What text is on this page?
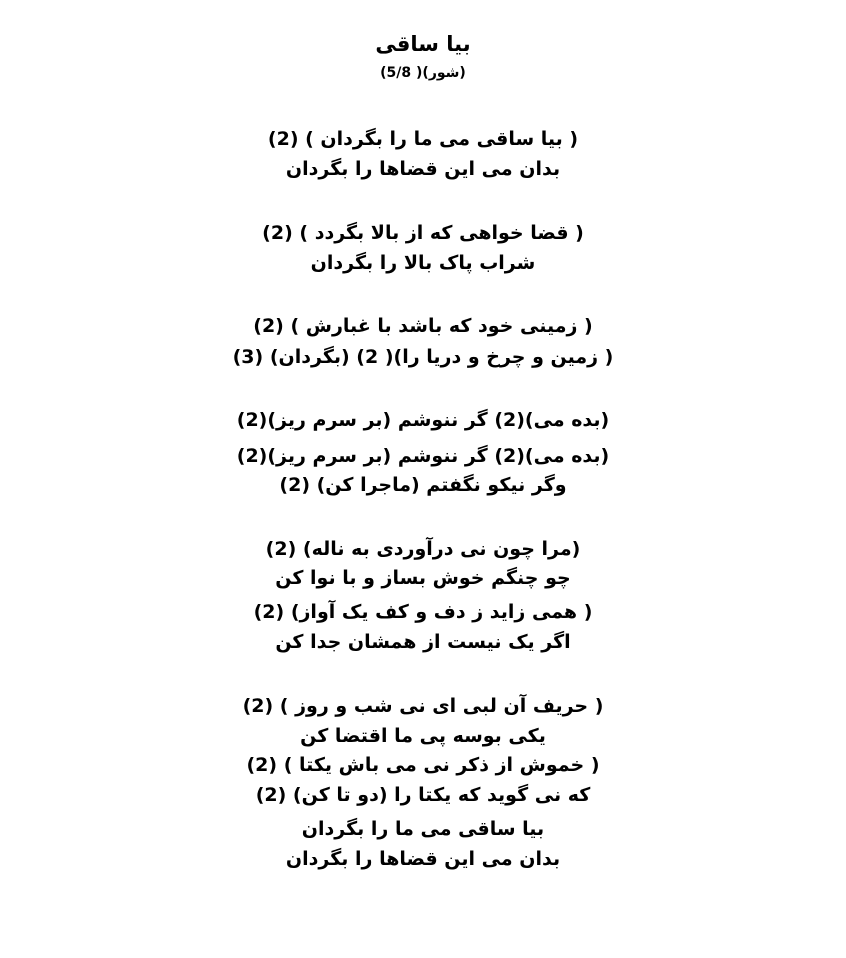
بیا ساقی
(شور)( 5/8)
( بیا ساقی می ما را بگردان ) (2)
بدان می این قضاها را بگردان
( قضا خواهی که از بالا بگردد ) (2)
شراب پاک بالا را بگردان
( زمینی خود که باشد با غبارش ) (2)
( زمین و چرخ و دریا را)( 2) (بگردان) (3)
(بده می)(2) گر ننوشم (بر سرم ریز)(2)
(بده می)(2) گر ننوشم (بر سرم ریز)(2)
وگر نیکو نگفتم (ماجرا کن) (2)
(مرا چون نی درآوردی به ناله) (2)
چو چنگم خوش بساز و با نوا کن
( همی زاید ز دف و کف یک آواز) (2)
اگر یک نیست از همشان جدا کن
( حریف آن لبی ای نی شب و روز ) (2)
یکی بوسه پی ما اقتضا کن
( خموش از ذکر نی می باش یکتا ) (2)
که نی گوید که یکتا را (دو تا کن) (2)
بیا ساقی می ما را بگردان
بدان می این قضاها را بگردان
